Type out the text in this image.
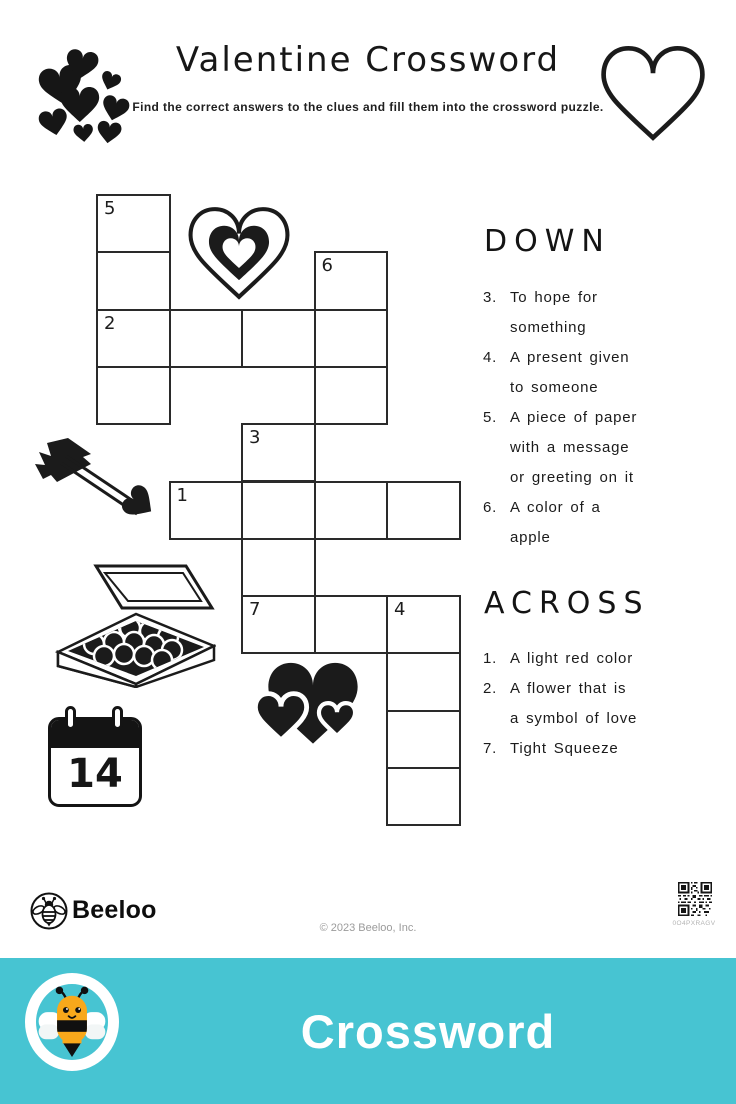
Valentine Crossword
Find the correct answers to the clues and fill them into the crossword puzzle.
5
6
2
3
1
7	4
14
DOWN
3. To hope for something
4. A present given to someone
5. A piece of paper with a message or greeting on it
6. A color of a apple
ACROSS
1. A light red color
2. A flower that is a symbol of love
7. Tight Squeeze
Beeloo
© 2023 Beeloo, Inc.	0O4PXRAGV
Crossword
